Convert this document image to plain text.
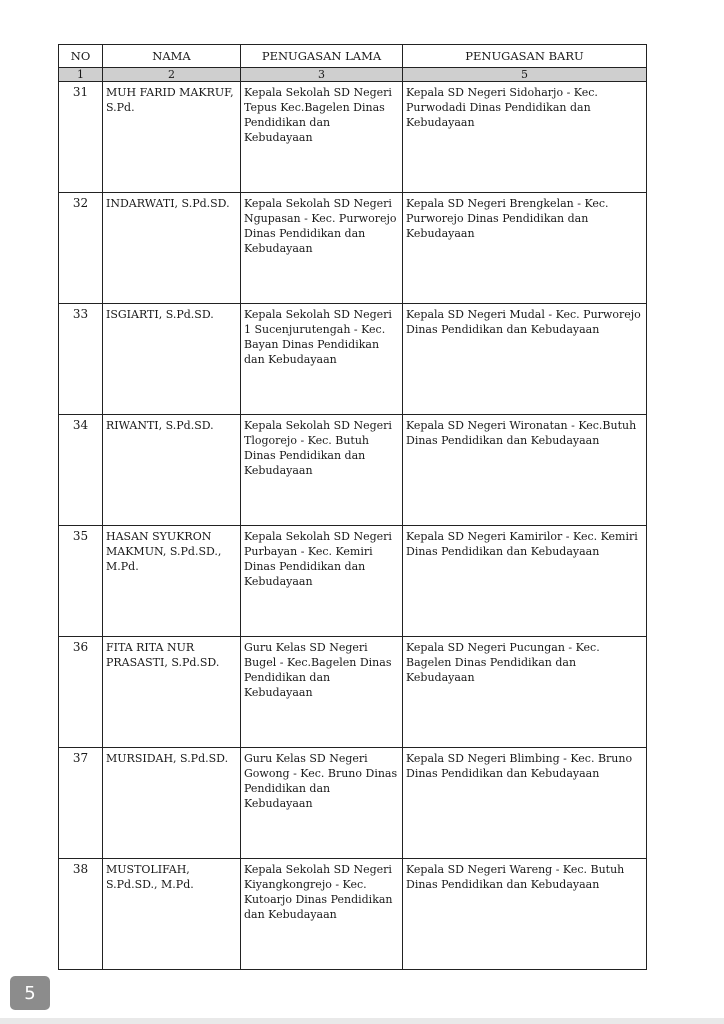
NO	NAMA	PENUGASAN LAMA	PENUGASAN BARU
1	2	3	5
31	MUH FARID MAKRUF, S.Pd.	Kepala Sekolah SD Negeri Tepus Kec.Bagelen Dinas Pendidikan dan Kebudayaan	Kepala SD Negeri Sidoharjo - Kec. Purwodadi Dinas Pendidikan dan Kebudayaan
32	INDARWATI, S.Pd.SD.	Kepala Sekolah SD Negeri Ngupasan - Kec. Purworejo Dinas Pendidikan dan Kebudayaan	Kepala SD Negeri Brengkelan - Kec. Purworejo Dinas Pendidikan dan Kebudayaan
33	ISGIARTI, S.Pd.SD.	Kepala Sekolah SD Negeri 1 Sucenjurutengah - Kec. Bayan Dinas Pendidikan dan Kebudayaan	Kepala SD Negeri Mudal - Kec. Purworejo Dinas Pendidikan dan Kebudayaan
34	RIWANTI, S.Pd.SD.	Kepala Sekolah SD Negeri Tlogorejo - Kec. Butuh Dinas Pendidikan dan Kebudayaan	Kepala SD Negeri Wironatan - Kec.Butuh Dinas Pendidikan dan Kebudayaan
35	HASAN SYUKRON MAKMUN, S.Pd.SD., M.Pd.	Kepala Sekolah SD Negeri Purbayan - Kec. Kemiri Dinas Pendidikan dan Kebudayaan	Kepala SD Negeri Kamirilor - Kec. Kemiri Dinas Pendidikan dan Kebudayaan
36	FITA RITA NUR PRASASTI, S.Pd.SD.	Guru Kelas SD Negeri Bugel - Kec.Bagelen Dinas Pendidikan dan Kebudayaan	Kepala SD Negeri Pucungan - Kec. Bagelen Dinas Pendidikan dan Kebudayaan
37	MURSIDAH, S.Pd.SD.	Guru Kelas SD Negeri Gowong - Kec. Bruno Dinas Pendidikan dan Kebudayaan	Kepala SD Negeri Blimbing - Kec. Bruno Dinas Pendidikan dan Kebudayaan
38	MUSTOLIFAH, S.Pd.SD., M.Pd.	Kepala Sekolah SD Negeri Kiyangkongrejo - Kec. Kutoarjo Dinas Pendidikan dan Kebudayaan	Kepala SD Negeri Wareng - Kec. Butuh Dinas Pendidikan dan Kebudayaan
5
